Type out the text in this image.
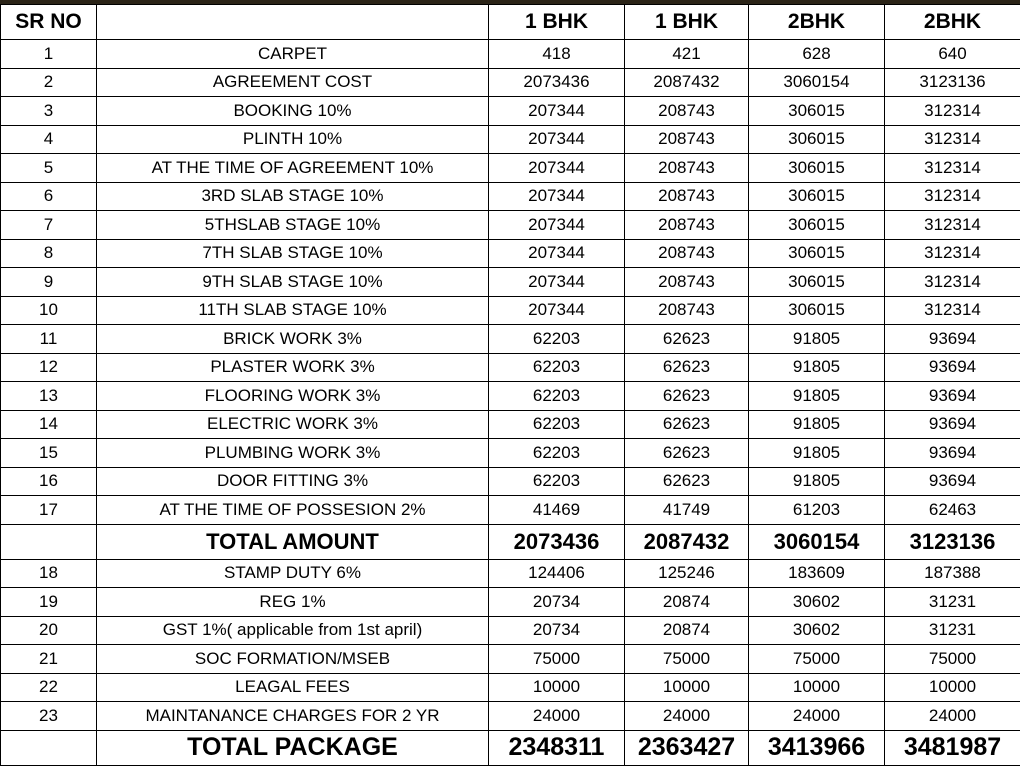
SR NO		1 BHK	1 BHK	2BHK	2BHK
1	CARPET	418	421	628	640
2	AGREEMENT COST	2073436	2087432	3060154	3123136
3	BOOKING 10%	207344	208743	306015	312314
4	PLINTH 10%	207344	208743	306015	312314
5	AT THE TIME OF AGREEMENT 10%	207344	208743	306015	312314
6	3RD SLAB STAGE 10%	207344	208743	306015	312314
7	5THSLAB STAGE 10%	207344	208743	306015	312314
8	7TH SLAB STAGE 10%	207344	208743	306015	312314
9	9TH SLAB STAGE 10%	207344	208743	306015	312314
10	11TH SLAB STAGE 10%	207344	208743	306015	312314
11	BRICK WORK 3%	62203	62623	91805	93694
12	PLASTER WORK 3%	62203	62623	91805	93694
13	FLOORING WORK 3%	62203	62623	91805	93694
14	ELECTRIC WORK 3%	62203	62623	91805	93694
15	PLUMBING WORK 3%	62203	62623	91805	93694
16	DOOR FITTING 3%	62203	62623	91805	93694
17	AT THE TIME OF POSSESION 2%	41469	41749	61203	62463
	TOTAL AMOUNT	2073436	2087432	3060154	3123136
18	STAMP DUTY 6%	124406	125246	183609	187388
19	REG 1%	20734	20874	30602	31231
20	GST 1%( applicable from 1st april)	20734	20874	30602	31231
21	SOC FORMATION/MSEB	75000	75000	75000	75000
22	LEAGAL FEES	10000	10000	10000	10000
23	MAINTANANCE CHARGES FOR 2 YR	24000	24000	24000	24000
	TOTAL PACKAGE	2348311	2363427	3413966	3481987
